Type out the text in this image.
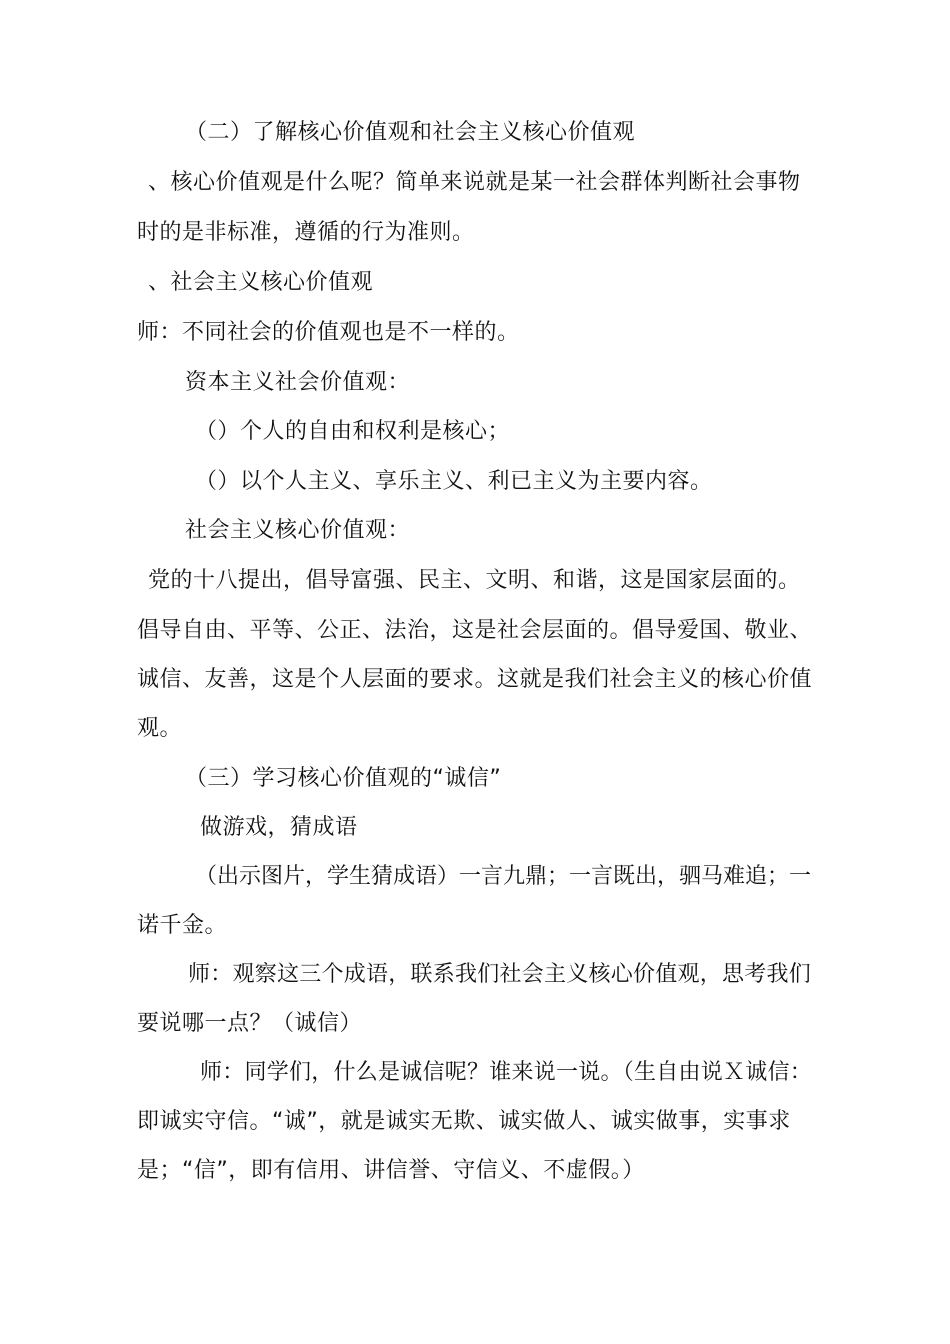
（二）了解核心价值观和社会主义核心价值观

、核心价值观是什么呢？简单来说就是某一社会群体判断社会事物

时的是非标准，遵循的行为准则。

、社会主义核心价值观

师：不同社会的价值观也是不一样的。

资本主义社会价值观：

（）个人的自由和权利是核心；

（）以个人主义、享乐主义、利已主义为主要内容。

社会主义核心价值观：

党的十八提出，倡导富强、民主、文明、和谐，这是国家层面的。

倡导自由、平等、公正、法治，这是社会层面的。倡导爱国、敬业、

诚信、友善，这是个人层面的要求。这就是我们社会主义的核心价值

观。

（三）学习核心价值观的“诚信”

做游戏，猜成语

（出示图片，学生猜成语）一言九鼎；一言既出，驷马难追；一

诺千金。

师：观察这三个成语，联系我们社会主义核心价值观，思考我们

要说哪一点？（诚信）

师：同学们，什么是诚信呢？谁来说一说。（生自由说Ｘ诚信：

即诚实守信。“诚”，就是诚实无欺、诚实做人、诚实做事，实事求

是；“信”，即有信用、讲信誉、守信义、不虚假。）
